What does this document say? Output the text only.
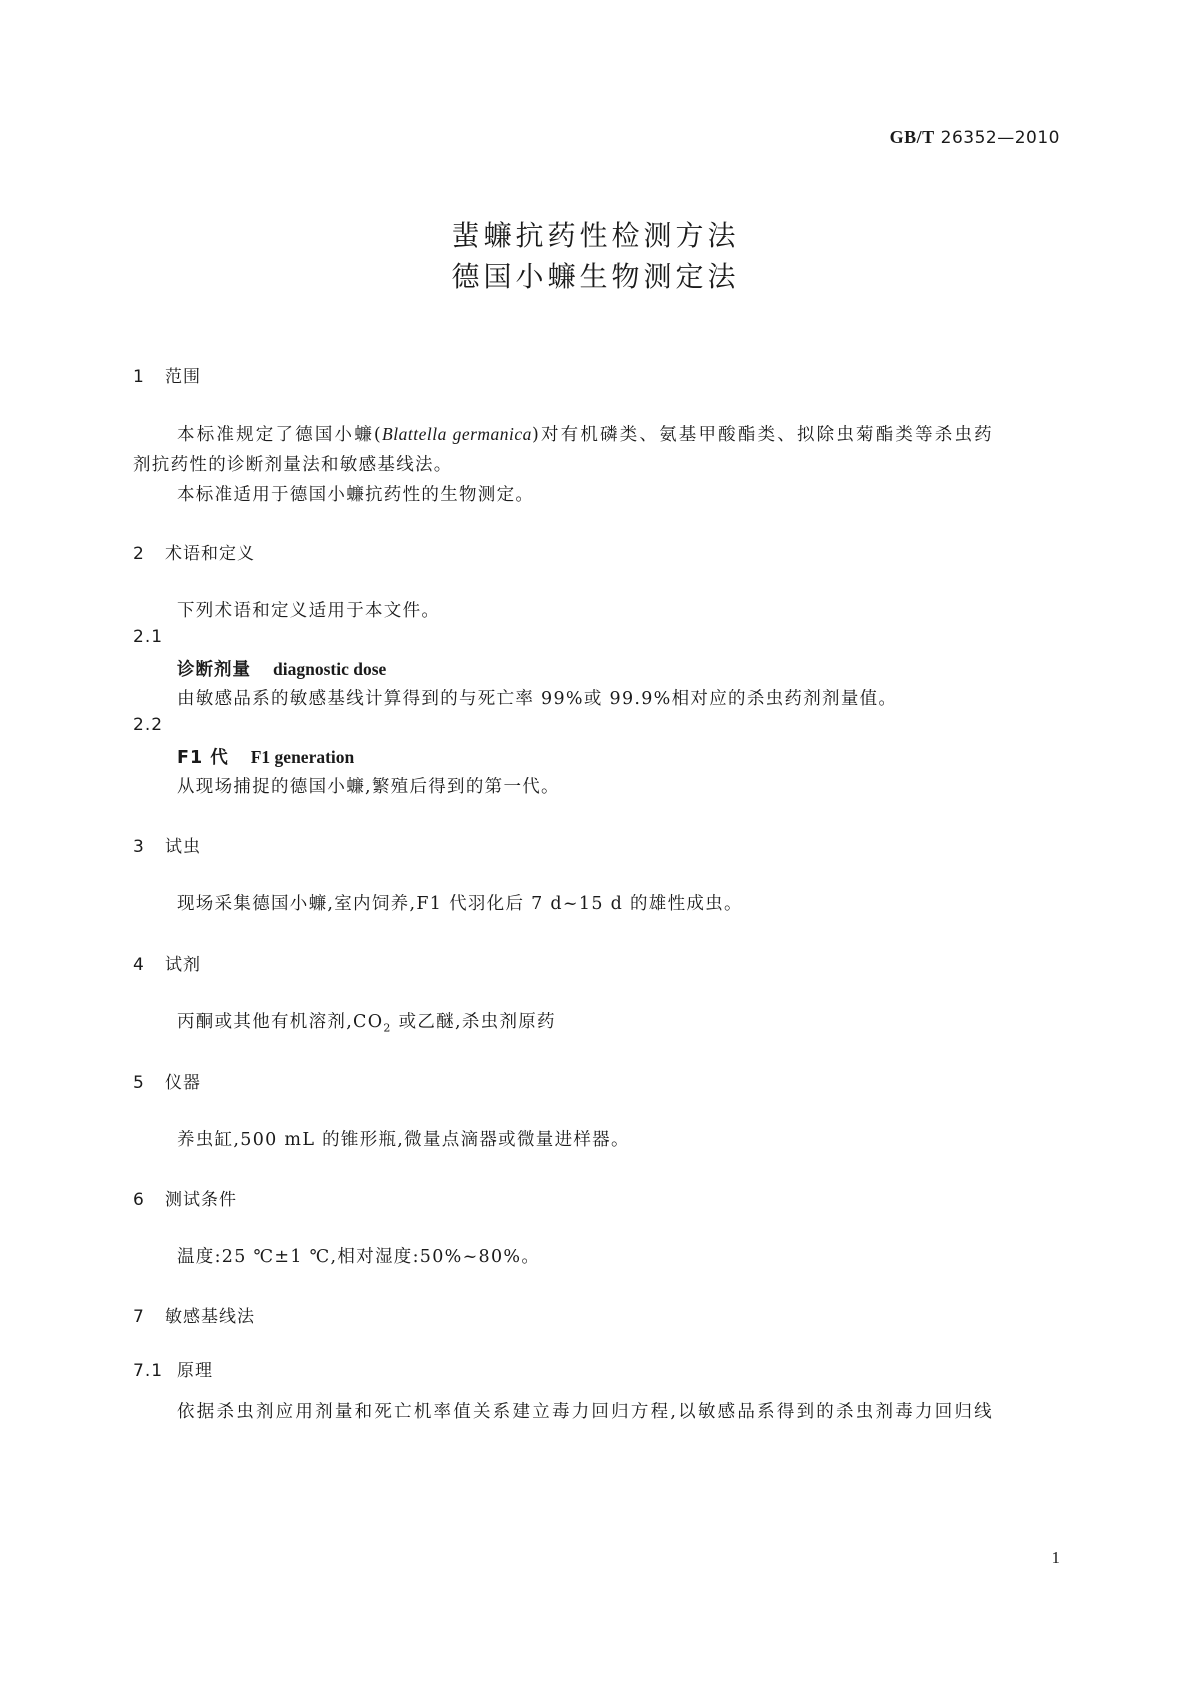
GB/T 26352—2010
蜚蠊抗药性检测方法
德国小蠊生物测定法
1 范围
本标准规定了德国小蠊(Blattella germanica)对有机磷类、氨基甲酸酯类、拟除虫菊酯类等杀虫药
剂抗药性的诊断剂量法和敏感基线法。
本标准适用于德国小蠊抗药性的生物测定。
2 术语和定义
下列术语和定义适用于本文件。
2.1
诊断剂量 diagnostic dose
由敏感品系的敏感基线计算得到的与死亡率 99%或 99.9%相对应的杀虫药剂剂量值。
2.2
F1 代 F1 generation
从现场捕捉的德国小蠊,繁殖后得到的第一代。
3 试虫
现场采集德国小蠊,室内饲养,F1 代羽化后 7 d~15 d 的雄性成虫。
4 试剂
丙酮或其他有机溶剂$,CO_2$ 或乙醚,杀虫剂原药
5 仪器
养虫缸,500 mL 的锥形瓶,微量点滴器或微量进样器。
6 测试条件
温度:25 ℃±1 ℃,相对湿度:50%~80%。
7 敏感基线法
7.1 原理
依据杀虫剂应用剂量和死亡机率值关系建立毒力回归方程,以敏感品系得到的杀虫剂毒力回归线
1
